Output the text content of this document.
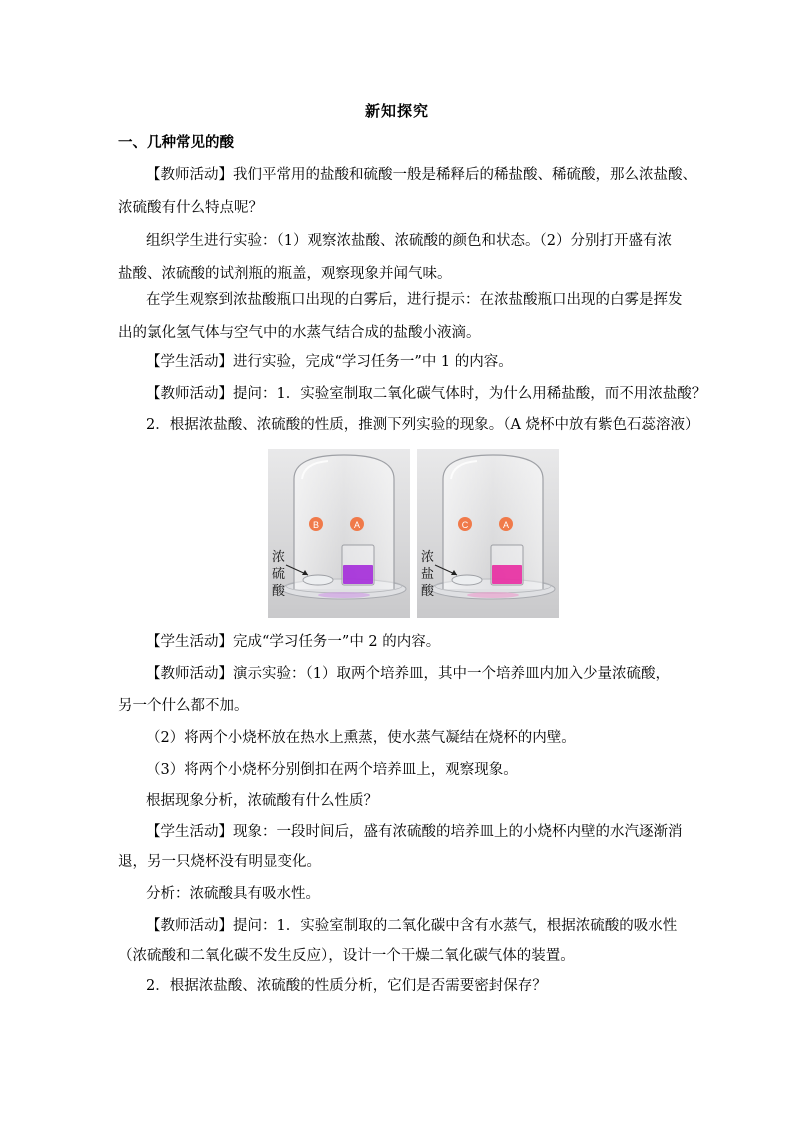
新知探究
一、几种常见的酸
【教师活动】我们平常用的盐酸和硫酸一般是稀释后的稀盐酸、稀硫酸，那么浓盐酸、
浓硫酸有什么特点呢？
组织学生进行实验：（1）观察浓盐酸、浓硫酸的颜色和状态。（2）分别打开盛有浓
盐酸、浓硫酸的试剂瓶的瓶盖，观察现象并闻气味。
在学生观察到浓盐酸瓶口出现的白雾后，进行提示：在浓盐酸瓶口出现的白雾是挥发
出的氯化氢气体与空气中的水蒸气结合成的盐酸小液滴。
【学生活动】进行实验，完成“学习任务一”中 1 的内容。
【教师活动】提问：1．实验室制取二氧化碳气体时，为什么用稀盐酸，而不用浓盐酸？
2．根据浓盐酸、浓硫酸的性质，推测下列实验的现象。（A 烧杯中放有紫色石蕊溶液）
B	A
浓
硫
酸
C	A
浓
盐
酸
【学生活动】完成“学习任务一”中 2 的内容。
【教师活动】演示实验：（1）取两个培养皿，其中一个培养皿内加入少量浓硫酸，
另一个什么都不加。
（2）将两个小烧杯放在热水上熏蒸，使水蒸气凝结在烧杯的内壁。
（3）将两个小烧杯分别倒扣在两个培养皿上，观察现象。
根据现象分析，浓硫酸有什么性质？
【学生活动】现象：一段时间后，盛有浓硫酸的培养皿上的小烧杯内壁的水汽逐渐消
退，另一只烧杯没有明显变化。
分析：浓硫酸具有吸水性。
【教师活动】提问：1．实验室制取的二氧化碳中含有水蒸气，根据浓硫酸的吸水性
（浓硫酸和二氧化碳不发生反应），设计一个干燥二氧化碳气体的装置。
2．根据浓盐酸、浓硫酸的性质分析，它们是否需要密封保存？
